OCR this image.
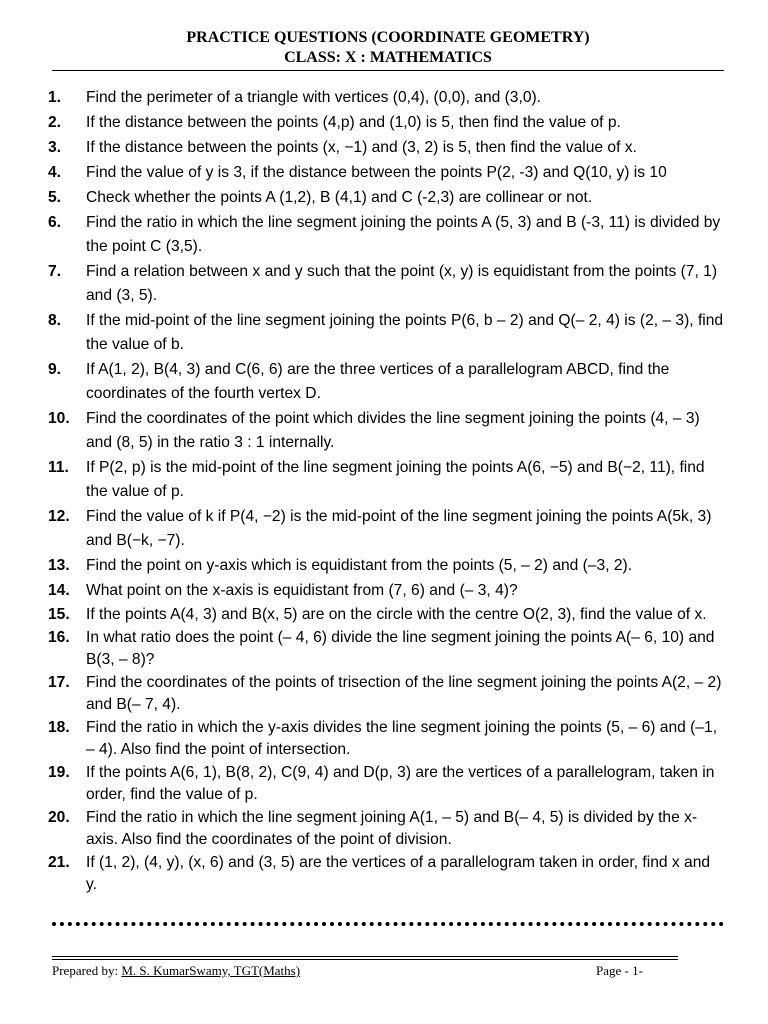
PRACTICE QUESTIONS (COORDINATE GEOMETRY)
CLASS: X : MATHEMATICS
1.	Find the perimeter of a triangle with vertices (0,4), (0,0), and (3,0).
2.	If the distance between the points (4,p) and (1,0) is 5, then find the value of p.
3.	If the distance between the points (x, −1) and (3, 2) is 5, then find the value of x.
4.	Find the value of y is 3, if the distance between the points P(2, -3) and Q(10, y) is 10
5.	Check whether the points A (1,2), B (4,1) and C (-2,3) are collinear or not.
6.	Find the ratio in which the line segment joining the points A (5, 3) and B (-3, 11) is divided by the point C (3,5).
7.	Find a relation between x and y such that the point (x, y) is equidistant from the points (7, 1) and (3, 5).
8.	If the mid-point of the line segment joining the points P(6, b – 2) and Q(– 2, 4) is (2, – 3), find the value of b.
9.	If A(1, 2), B(4, 3) and C(6, 6) are the three vertices of a parallelogram ABCD, find the coordinates of the fourth vertex D.
10.	Find the coordinates of the point which divides the line segment joining the points (4, – 3) and (8, 5) in the ratio 3 : 1 internally.
11.	If P(2, p) is the mid-point of the line segment joining the points A(6, −5) and B(−2, 11), find the value of p.
12.	Find the value of k if P(4, −2) is the mid-point of the line segment joining the points A(5k, 3) and B(−k, −7).
13.	Find the point on y-axis which is equidistant from the points (5, – 2) and (–3, 2).
14.	What point on the x-axis is equidistant from (7, 6) and (– 3, 4)?
15.	If the points A(4, 3) and B(x, 5) are on the circle with the centre O(2, 3), find the value of x.
16.	In what ratio does the point (– 4, 6) divide the line segment joining the points A(– 6, 10) and B(3, – 8)?
17.	Find the coordinates of the points of trisection of the line segment joining the points A(2, – 2) and B(– 7, 4).
18.	Find the ratio in which the y-axis divides the line segment joining the points (5, – 6) and (–1, – 4). Also find the point of intersection.
19.	If the points A(6, 1), B(8, 2), C(9, 4) and D(p, 3) are the vertices of a parallelogram, taken in order, find the value of p.
20.	Find the ratio in which the line segment joining A(1, – 5) and B(– 4, 5) is divided by the x-axis. Also find the coordinates of the point of division.
21.	If (1, 2), (4, y), (x, 6) and (3, 5) are the vertices of a parallelogram taken in order, find x and y.
Prepared by: M. S. KumarSwamy, TGT(Maths)	Page - 1-
